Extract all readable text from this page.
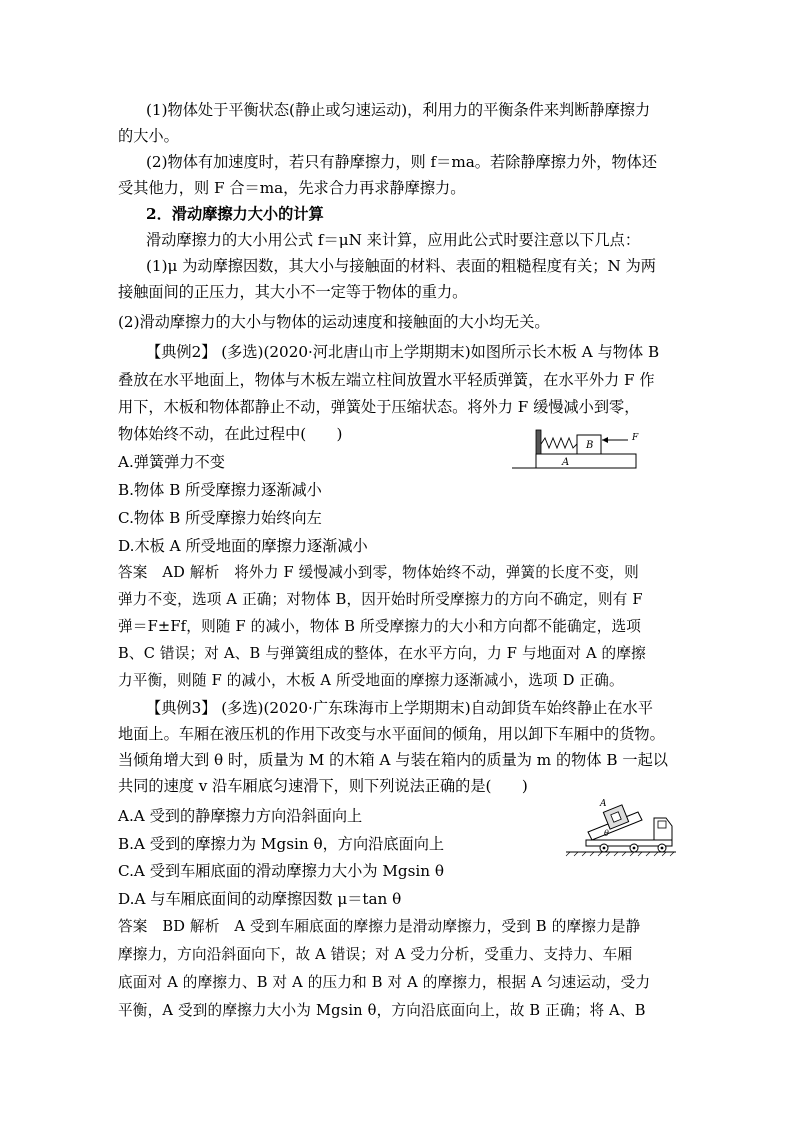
(1)物体处于平衡状态(静止或匀速运动)，利用力的平衡条件来判断静摩擦力
的大小。
(2)物体有加速度时，若只有静摩擦力，则 f＝ma。若除静摩擦力外，物体还
受其他力，则 F 合＝ma，先求合力再求静摩擦力。
2．滑动摩擦力大小的计算
滑动摩擦力的大小用公式 f＝μN 来计算，应用此公式时要注意以下几点：
(1)μ 为动摩擦因数，其大小与接触面的材料、表面的粗糙程度有关；N 为两
接触面间的正压力，其大小不一定等于物体的重力。
(2)滑动摩擦力的大小与物体的运动速度和接触面的大小均无关。
【典例2】 (多选)(2020·河北唐山市上学期期末)如图所示长木板 A 与物体 B
叠放在水平地面上，物体与木板左端立柱间放置水平轻质弹簧，在水平外力 F 作
用下，木板和物体都静止不动，弹簧处于压缩状态。将外力 F 缓慢减小到零，
物体始终不动，在此过程中(　　)
A.弹簧弹力不变
B.物体 B 所受摩擦力逐渐减小
C.物体 B 所受摩擦力始终向左
D.木板 A 所受地面的摩擦力逐渐减小
A
B
F
答案　AD 解析　将外力 F 缓慢减小到零，物体始终不动，弹簧的长度不变，则
弹力不变，选项 A 正确；对物体 B，因开始时所受摩擦力的方向不确定，则有 F
弹＝F±Ff，则随 F 的减小，物体 B 所受摩擦力的大小和方向都不能确定，选项
B、C 错误；对 A、B 与弹簧组成的整体，在水平方向，力 F 与地面对 A 的摩擦
力平衡，则随 F 的减小，木板 A 所受地面的摩擦力逐渐减小，选项 D 正确。
【典例3】 (多选)(2020·广东珠海市上学期期末)自动卸货车始终静止在水平
地面上。车厢在液压机的作用下改变与水平面间的倾角，用以卸下车厢中的货物。
当倾角增大到 θ 时，质量为 M 的木箱 A 与装在箱内的质量为 m 的物体 B 一起以
共同的速度 v 沿车厢底匀速滑下，则下列说法正确的是(　　)
A.A 受到的静摩擦力方向沿斜面向上
B.A 受到的摩擦力为 Mgsin θ，方向沿底面向上
C.A 受到车厢底面的滑动摩擦力大小为 Mgsin θ
D.A 与车厢底面间的动摩擦因数 μ＝tan θ
A
θ
答案　BD 解析　A 受到车厢底面的摩擦力是滑动摩擦力，受到 B 的摩擦力是静
摩擦力，方向沿斜面向下，故 A 错误；对 A 受力分析，受重力、支持力、车厢
底面对 A 的摩擦力、B 对 A 的压力和 B 对 A 的摩擦力，根据 A 匀速运动，受力
平衡，A 受到的摩擦力大小为 Mgsin θ，方向沿底面向上，故 B 正确；将 A、B
